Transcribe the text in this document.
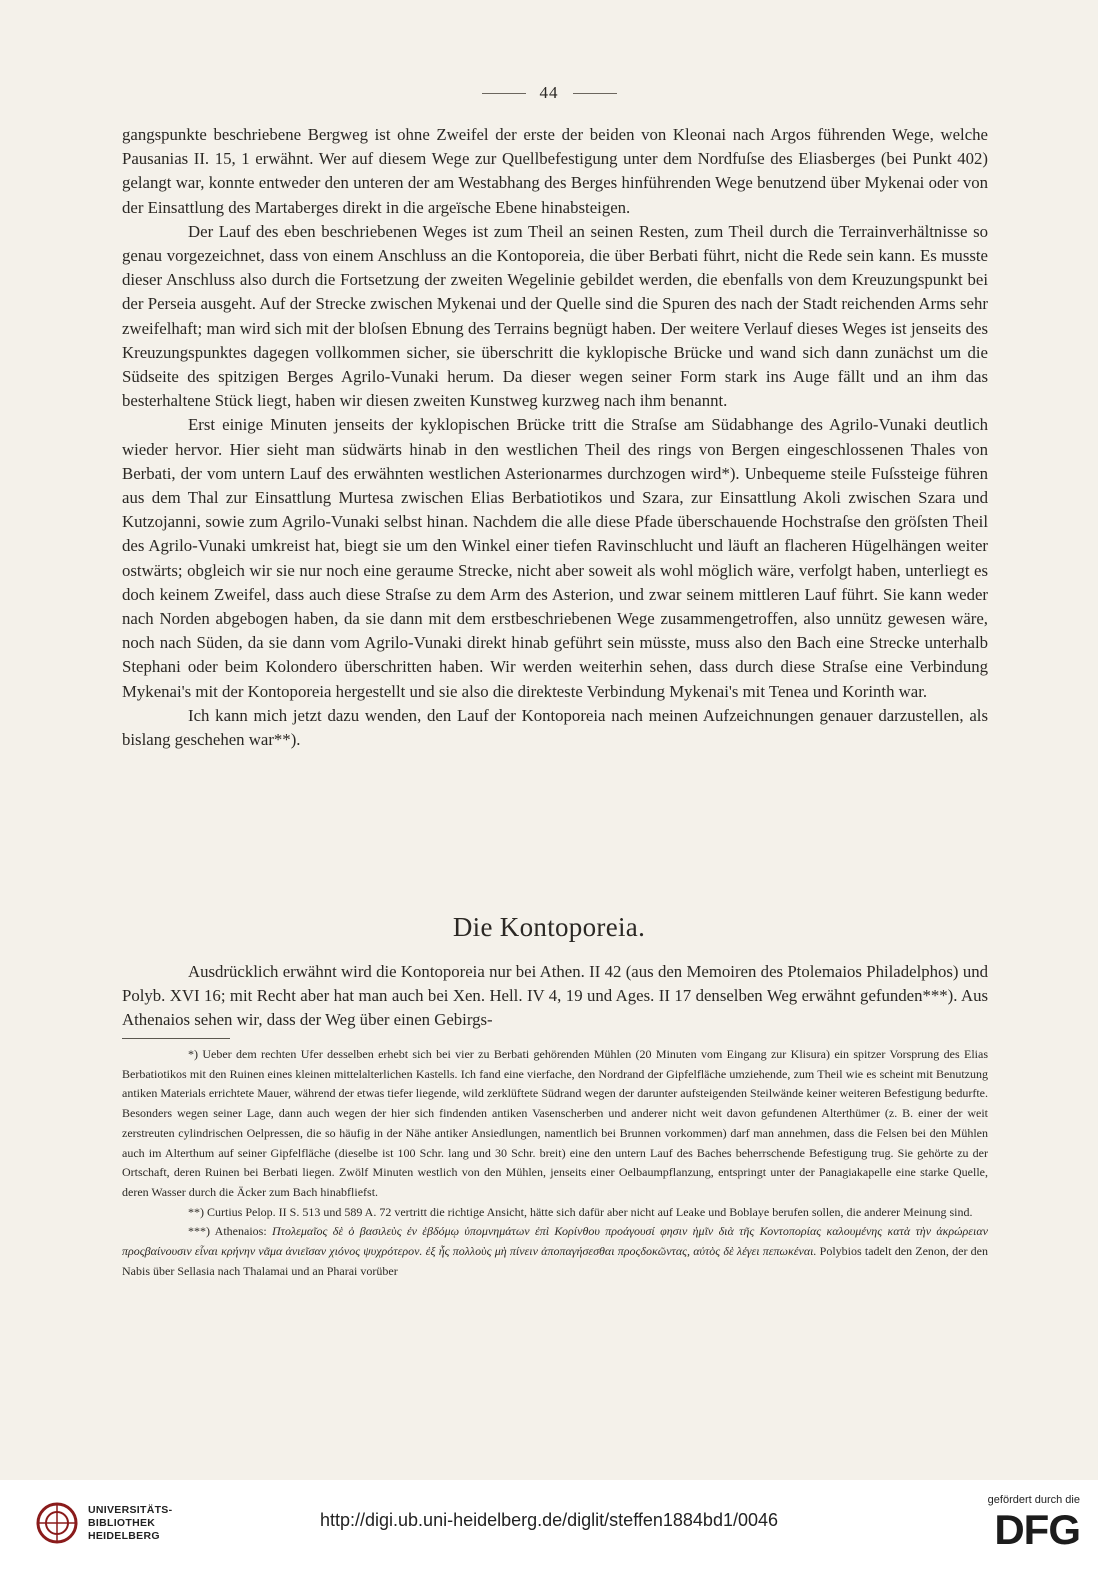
44

gangspunkte beschriebene Bergweg ist ohne Zweifel der erste der beiden von Kleonai nach Argos führenden Wege, welche Pausanias II. 15, 1 erwähnt. Wer auf diesem Wege zur Quellbefestigung unter dem Nordfuſse des Eliasberges (bei Punkt 402) gelangt war, konnte entweder den unteren der am Westabhang des Berges hinführenden Wege benutzend über Mykenai oder von der Einsattlung des Martaberges direkt in die argeïsche Ebene hinabsteigen.

Der Lauf des eben beschriebenen Weges ist zum Theil an seinen Resten, zum Theil durch die Terrainverhältnisse so genau vorgezeichnet, dass von einem Anschluss an die Kontoporeia, die über Berbati führt, nicht die Rede sein kann. Es musste dieser Anschluss also durch die Fortsetzung der zweiten Wegelinie gebildet werden, die ebenfalls von dem Kreuzungspunkt bei der Perseia ausgeht. Auf der Strecke zwischen Mykenai und der Quelle sind die Spuren des nach der Stadt reichenden Arms sehr zweifelhaft; man wird sich mit der bloſsen Ebnung des Terrains begnügt haben. Der weitere Verlauf dieses Weges ist jenseits des Kreuzungspunktes dagegen vollkommen sicher, sie überschritt die kyklopische Brücke und wand sich dann zunächst um die Südseite des spitzigen Berges Agrilo-Vunaki herum. Da dieser wegen seiner Form stark ins Auge fällt und an ihm das besterhaltene Stück liegt, haben wir diesen zweiten Kunstweg kurzweg nach ihm benannt.

Erst einige Minuten jenseits der kyklopischen Brücke tritt die Straſse am Südabhange des Agrilo-Vunaki deutlich wieder hervor. Hier sieht man südwärts hinab in den westlichen Theil des rings von Bergen eingeschlossenen Thales von Berbati, der vom untern Lauf des erwähnten westlichen Asterionarmes durchzogen wird*). Unbequeme steile Fuſssteige führen aus dem Thal zur Einsattlung Murtesa zwischen Elias Berbatiotikos und Szara, zur Einsattlung Akoli zwischen Szara und Kutzojanni, sowie zum Agrilo-Vunaki selbst hinan. Nachdem die alle diese Pfade überschauende Hochstraſse den gröſsten Theil des Agrilo-Vunaki umkreist hat, biegt sie um den Winkel einer tiefen Ravinschlucht und läuft an flacheren Hügelhängen weiter ostwärts; obgleich wir sie nur noch eine geraume Strecke, nicht aber soweit als wohl möglich wäre, verfolgt haben, unterliegt es doch keinem Zweifel, dass auch diese Straſse zu dem Arm des Asterion, und zwar seinem mittleren Lauf führt. Sie kann weder nach Norden abgebogen haben, da sie dann mit dem erstbeschriebenen Wege zusammengetroffen, also unnütz gewesen wäre, noch nach Süden, da sie dann vom Agrilo-Vunaki direkt hinab geführt sein müsste, muss also den Bach eine Strecke unterhalb Stephani oder beim Kolondero überschritten haben. Wir werden weiterhin sehen, dass durch diese Straſse eine Verbindung Mykenai's mit der Kontoporeia hergestellt und sie also die direkteste Verbindung Mykenai's mit Tenea und Korinth war.

Ich kann mich jetzt dazu wenden, den Lauf der Kontoporeia nach meinen Aufzeichnungen genauer darzustellen, als bislang geschehen war**).

Die Kontoporeia.

Ausdrücklich erwähnt wird die Kontoporeia nur bei Athen. II 42 (aus den Memoiren des Ptolemaios Philadelphos) und Polyb. XVI 16; mit Recht aber hat man auch bei Xen. Hell. IV 4, 19 und Ages. II 17 denselben Weg erwähnt gefunden***). Aus Athenaios sehen wir, dass der Weg über einen Gebirgs-

*) Ueber dem rechten Ufer desselben erhebt sich bei vier zu Berbati gehörenden Mühlen (20 Minuten vom Eingang zur Klisura) ein spitzer Vorsprung des Elias Berbatiotikos mit den Ruinen eines kleinen mittelalterlichen Kastells. Ich fand eine vierfache, den Nordrand der Gipfelfläche umziehende, zum Theil wie es scheint mit Benutzung antiken Materials errichtete Mauer, während der etwas tiefer liegende, wild zerklüftete Südrand wegen der darunter aufsteigenden Steilwände keiner weiteren Befestigung bedurfte. Besonders wegen seiner Lage, dann auch wegen der hier sich findenden antiken Vasenscherben und anderer nicht weit davon gefundenen Alterthümer (z. B. einer der weit zerstreuten cylindrischen Oelpressen, die so häufig in der Nähe antiker Ansiedlungen, namentlich bei Brunnen vorkommen) darf man annehmen, dass die Felsen bei den Mühlen auch im Alterthum auf seiner Gipfelfläche (dieselbe ist 100 Schr. lang und 30 Schr. breit) eine den untern Lauf des Baches beherrschende Befestigung trug. Sie gehörte zu der Ortschaft, deren Ruinen bei Berbati liegen. Zwölf Minuten westlich von den Mühlen, jenseits einer Oelbaumpflanzung, entspringt unter der Panagiakapelle eine starke Quelle, deren Wasser durch die Äcker zum Bach hinabfliefst.

**) Curtius Pelop. II S. 513 und 589 A. 72 vertritt die richtige Ansicht, hätte sich dafür aber nicht auf Leake und Boblaye berufen sollen, die anderer Meinung sind.

***) Athenaios: Πτολεμαῖος δὲ ὁ βασιλεὺς ἐν ἑβδόμῳ ὑπομνημάτων ἐπὶ Κορίνθου προάγουσί φησιν ἡμῖν διὰ τῆς Κοντοπορίας καλουμένης κατὰ τὴν ἀκρώρειαν προςβαίνουσιν εἶναι κρήνην νᾶμα ἀνιεῖσαν χιόνος ψυχρότερον. ἐξ ἧς πολλοὺς μὴ πίνειν ἀποπαγήσεσθαι προςδοκῶντας, αὐτὸς δὲ λέγει πεπωκέναι. Polybios tadelt den Zenon, der den Nabis über Sellasia nach Thalamai und an Pharai vorüber

UNIVERSITÄTS-
BIBLIOTHEK
HEIDELBERG
http://digi.ub.uni-heidelberg.de/diglit/steffen1884bd1/0046
gefördert durch die
DFG
